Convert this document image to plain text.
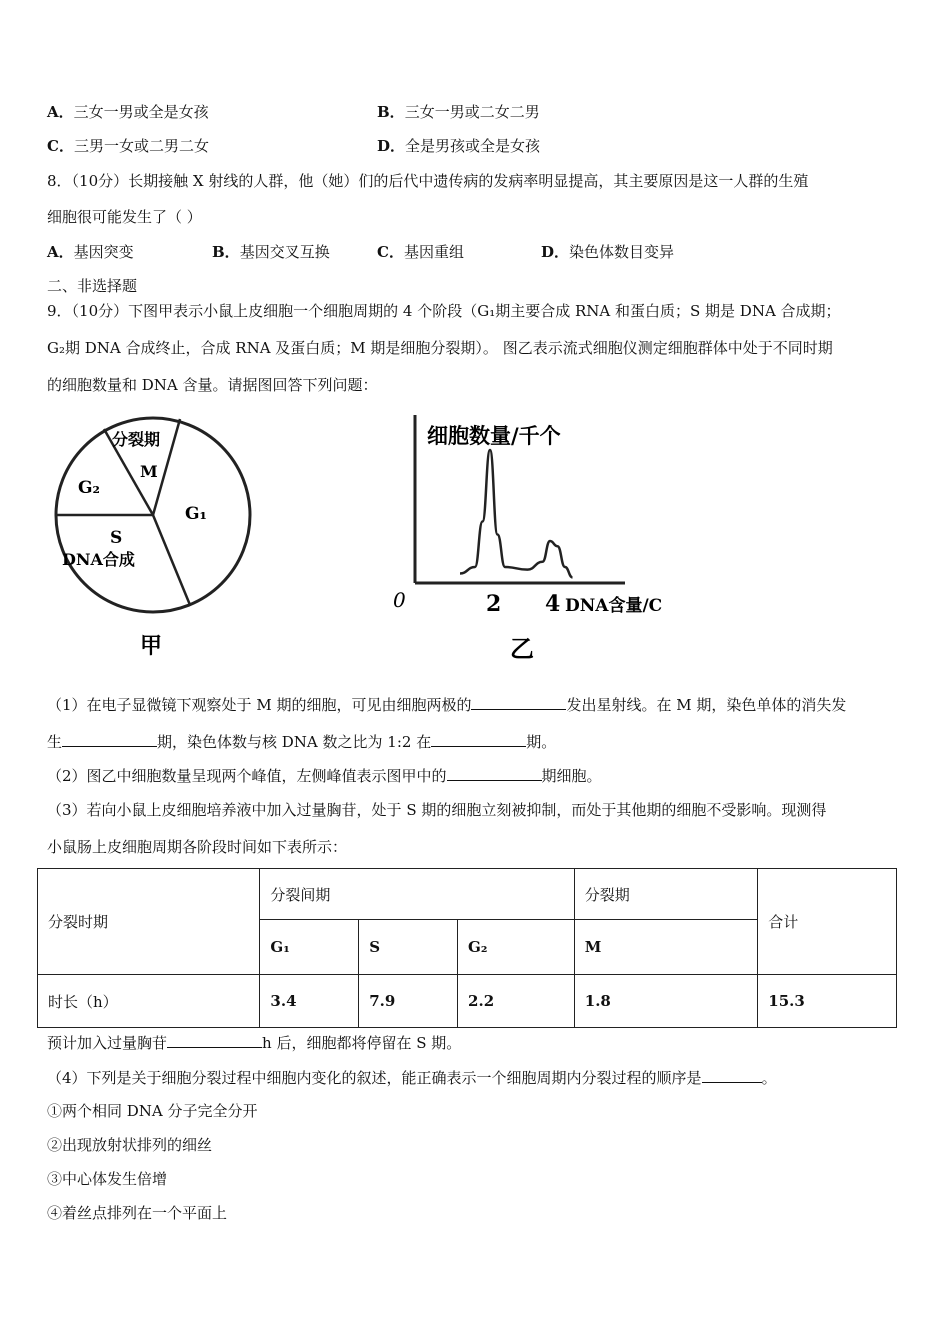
A．三女一男或全是女孩	B．三女一男或二女二男
C．三男一女或二男二女	D．全是男孩或全是女孩
8．（10分）长期接触 X 射线的人群，他（她）们的后代中遗传病的发病率明显提高，其主要原因是这一人群的生殖
细胞很可能发生了（ ）
A．基因突变	B．基因交叉互换	C．基因重组	D．染色体数目变异
二、非选择题
9．（10分）下图甲表示小鼠上皮细胞一个细胞周期的 4 个阶段（G₁期主要合成 RNA 和蛋白质；S 期是 DNA 合成期；
G₂期 DNA 合成终止，合成 RNA 及蛋白质；M 期是细胞分裂期）。 图乙表示流式细胞仪测定细胞群体中处于不同时期
的细胞数量和 DNA 含量。请据图回答下列问题：
分裂期
M
G₂
G₁
S
DNA合成
甲
细胞数量/千个
0	2 4 DNA含量/C
乙
（1）在电子显微镜下观察处于 M 期的细胞，可见由细胞两极的	发出星射线。在 M 期，染色单体的消失发
生	期，染色体数与核 DNA 数之比为 1:2 在	期。
（2）图乙中细胞数量呈现两个峰值，左侧峰值表示图甲中的	期细胞。
（3）若向小鼠上皮细胞培养液中加入过量胸苷，处于 S 期的细胞立刻被抑制，而处于其他期的细胞不受影响。现测得
小鼠肠上皮细胞周期各阶段时间如下表所示：
分裂时期	分裂间期			分裂期	合计
	G₁	S	G₂	M	
时长（h）	3.4	7.9	2.2	1.8	15.3
预计加入过量胸苷	h 后，细胞都将停留在 S 期。
（4）下列是关于细胞分裂过程中细胞内变化的叙述，能正确表示一个细胞周期内分裂过程的顺序是	。
①两个相同 DNA 分子完全分开
②出现放射状排列的细丝
③中心体发生倍增
④着丝点排列在一个平面上
